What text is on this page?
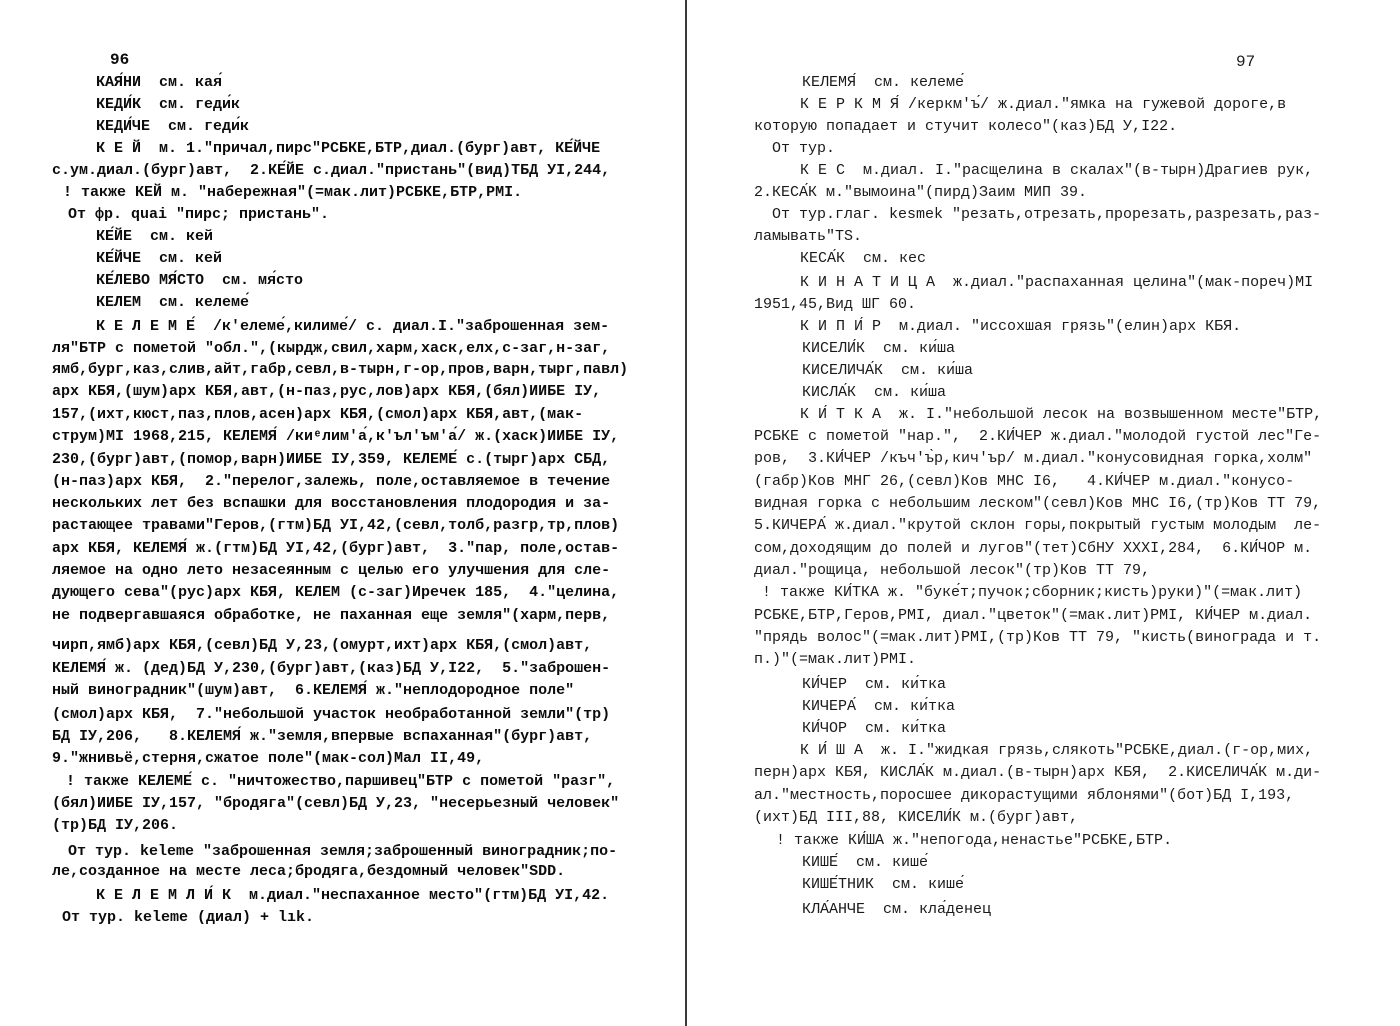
96
КАЯ́НИ  см. кая́
КЕДИ́К  см. геди́к
КЕДИ́ЧЕ  см. геди́к
К Е Й  м. 1."причал,пирс"РСБКЕ,БТР,диал.(бург)авт, КЕ́ЙЧЕ
с.ум.диал.(бург)авт,  2.КЕ́ЙЕ с.диал."пристань"(вид)ТБД УI,244,
! также КЕЙ м. "набережная"(=мак.лит)РСБКЕ,БТР,РМI.
От фр. quai "пирс; пристань".
КЕ́ЙЕ  см. кей
КЕ́ЙЧЕ  см. кей
КЕ́ЛЕВО МЯ́СТО  см. мя́сто
КЕЛЕМ  см. келеме́
К Е Л Е М Е́  /к'елеме́,килиме́/ с. диал.I."заброшенная зем-
ля"БТР с пометой "обл.",(кырдж,свил,харм,хаск,елх,с-заг,н-заг,
ямб,бург,каз,слив,айт,габр,севл,в-тырн,г-ор,пров,варн,тырг,павл)
арх КБЯ,(шум)арх КБЯ,авт,(н-паз,рус,лов)арх КБЯ,(бял)ИИБЕ IУ,
157,(ихт,кюст,паз,плов,асен)арх КБЯ,(смол)арх КБЯ,авт,(мак-
струм)МI 1968,215, КЕЛЕМЯ́ /киᵉлим'а́,к'ъл'ъм'а́/ ж.(хаск)ИИБЕ IУ,
230,(бург)авт,(помор,варн)ИИБЕ IУ,359, КЕЛЕМЕ́ с.(тырг)арх СБД,
(н-паз)арх КБЯ,  2."перелог,залежь, поле,оставляемое в течение
нескольких лет без вспашки для восстановления плодородия и за-
растающее травами"Геров,(гтм)БД УI,42,(севл,толб,разгр,тр,плов)
арх КБЯ, КЕЛЕМЯ́ ж.(гтм)БД УI,42,(бург)авт,  3."пар, поле,остав-
ляемое на одно лето незасеянным с целью его улучшения для сле-
дующего сева"(рус)арх КБЯ, КЕЛЕМ (с-заг)Иречек 185,  4."целина,
не подвергавшаяся обработке, не паханная еще земля"(харм,перв,
чирп,ямб)арх КБЯ,(севл)БД У,23,(омурт,ихт)арх КБЯ,(смол)авт,
КЕЛЕМЯ́ ж. (дед)БД У,230,(бург)авт,(каз)БД У,I22,  5."заброшен-
ный виноградник"(шум)авт,  6.КЕЛЕМЯ́ ж."неплодородное поле"
(смол)арх КБЯ,  7."небольшой участок необработанной земли"(тр)
БД IУ,206,   8.КЕЛЕМЯ́ ж."земля,впервые вспаханная"(бург)авт,
9."жнивьё,стерня,сжатое поле"(мак-сол)Мал II,49,
! также КЕЛЕМЕ́ с. "ничтожество,паршивец"БТР с пометой "разг",
(бял)ИИБЕ IУ,157, "бродяга"(севл)БД У,23, "несерьезный человек"
(тр)БД IУ,206.
От тур. keleme "заброшенная земля;заброшенный виноградник;по-
ле,созданное на месте леса;бродяга,бездомный человек"SDD.
К Е Л Е М Л И́ К  м.диал."неспаханное место"(гтм)БД УI,42.
От тур. keleme (диал) + lık.
97
КЕЛЕМЯ́  см. келеме́
К Е Р К М Я́ /керкм'ъ́/ ж.диал."ямка на гужевой дороге,в
которую попадает и стучит колесо"(каз)БД У,I22.
От тур.
К Е С  м.диал. I."расщелина в скалах"(в-тырн)Драгиев рук,
2.КЕСА́К м."вымоина"(пирд)Заим МИП 39.
От тур.глаг. kesmek "резать,отрезать,прорезать,разрезать,раз-
ламывать"TS.
КЕСА́К  см. кес
К И Н А Т И Ц А  ж.диал."распаханная целина"(мак-пореч)МI
1951,45,Вид ШГ 60.
К И П И́ Р  м.диал. "иссохшая грязь"(елин)арх КБЯ.
КИСЕЛИ́К  см. ки́ша
КИСЕЛИЧА́К  см. ки́ша
КИСЛА́К  см. ки́ша
К И́ Т К А  ж. I."небольшой лесок на возвышенном месте"БТР,
РСБКЕ с пометой "нар.",  2.КИ́ЧЕР ж.диал."молодой густой лес"Ге-
ров,  3.КИ́ЧЕР /къч'ъ̀р,кич'ър/ м.диал."конусовидная горка,холм"
(габр)Ков МНГ 26,(севл)Ков МНС I6,   4.КИ́ЧЕР м.диал."конусо-
видная горка с небольшим леском"(севл)Ков МНС I6,(тр)Ков ТТ 79,
5.КИЧЕРА́ ж.диал."крутой склон горы,покрытый густым молодым  ле-
сом,доходящим до полей и лугов"(тет)СбНУ XXXI,284,  6.КИ́ЧОР м.
диал."рощица, небольшой лесок"(тр)Ков ТТ 79,
! также КИ́ТКА ж. "буке́т;пучок;сборник;кисть)руки)"(=мак.лит)
РСБКЕ,БТР,Геров,РМI, диал."цветок"(=мак.лит)РМI, КИ́ЧЕР м.диал.
"прядь волос"(=мак.лит)РМI,(тр)Ков ТТ 79, "кисть(винограда и т.
п.)"(=мак.лит)РМI.
КИ́ЧЕР  см. ки́тка
КИЧЕРА́  см. ки́тка
КИ́ЧОР  см. ки́тка
К И́ Ш А  ж. I."жидкая грязь,слякоть"РСБКЕ,диал.(г-ор,мих,
перн)арх КБЯ, КИСЛА́К м.диал.(в-тырн)арх КБЯ,  2.КИСЕЛИЧА́К м.ди-
ал."местность,поросшее дикорастущими яблонями"(бот)БД I,193,
(ихт)БД III,88, КИСЕЛИ́К м.(бург)авт,
! также КИ́ША ж."непогода,ненастье"РСБКЕ,БТР.
КИШЕ́  см. кише́
КИШЕ́ТНИК  см. кише́
КЛА́АНЧЕ  см. кла́денец
